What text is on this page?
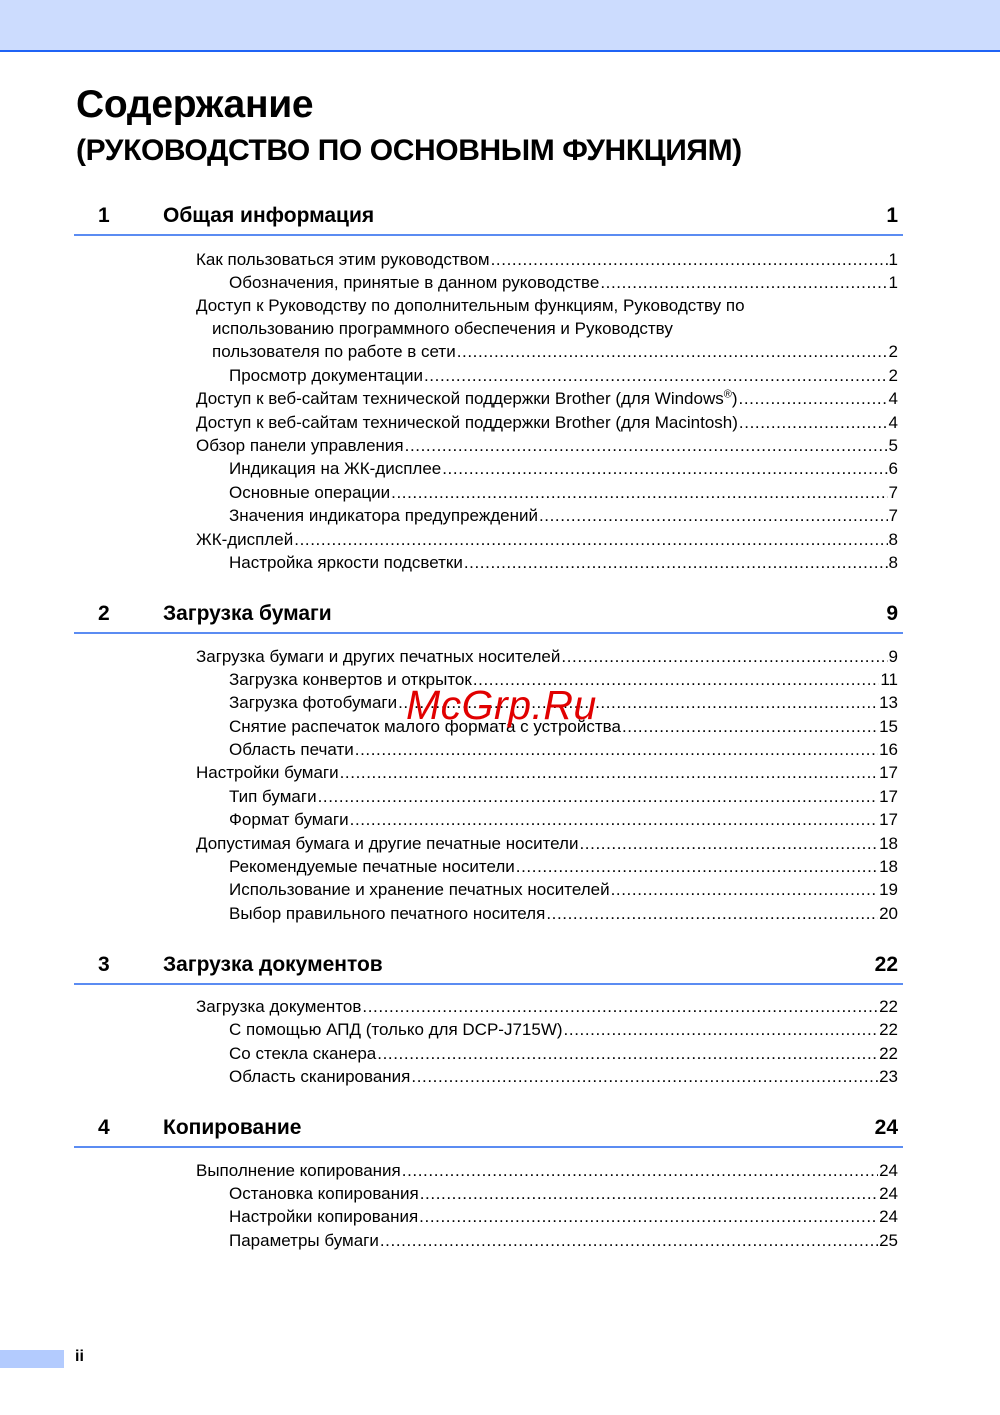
Содержание
(РУКОВОДСТВО ПО ОСНОВНЫМ ФУНКЦИЯМ)
1	Общая информация	1
Как пользоваться этим руководством .....	1
Обозначения, принятые в данном руководстве .....	1
Доступ к Руководству по дополнительным функциям, Руководству по
использованию программного обеспечения и Руководству
пользователя по работе в сети .....	2
Просмотр документации .....	2
Доступ к веб-сайтам технической поддержки Brother (для Windows®) .....	4
Доступ к веб-сайтам технической поддержки Brother (для Macintosh) .....	4
Обзор панели управления .....	5
Индикация на ЖК-дисплее .....	6
Основные операции .....	7
Значения индикатора предупреждений .....	7
ЖК-дисплей .....	8
Настройка яркости подсветки .....	8
2	Загрузка бумаги	9
Загрузка бумаги и других печатных носителей .....	9
Загрузка конвертов и открыток .....	11
Загрузка фотобумаги .....	13
Снятие распечаток малого формата с устройства .....	15
Область печати .....	16
Настройки бумаги .....	17
Тип бумаги .....	17
Формат бумаги .....	17
Допустимая бумага и другие печатные носители .....	18
Рекомендуемые печатные носители .....	18
Использование и хранение печатных носителей .....	19
Выбор правильного печатного носителя .....	20
3	Загрузка документов	22
Загрузка документов .....	22
С помощью АПД (только для DCP-J715W) .....	22
Со стекла сканера .....	22
Область сканирования .....	23
4	Копирование	24
Выполнение копирования .....	24
Остановка копирования .....	24
Настройки копирования .....	24
Параметры бумаги .....	25
McGrp.Ru
ii
